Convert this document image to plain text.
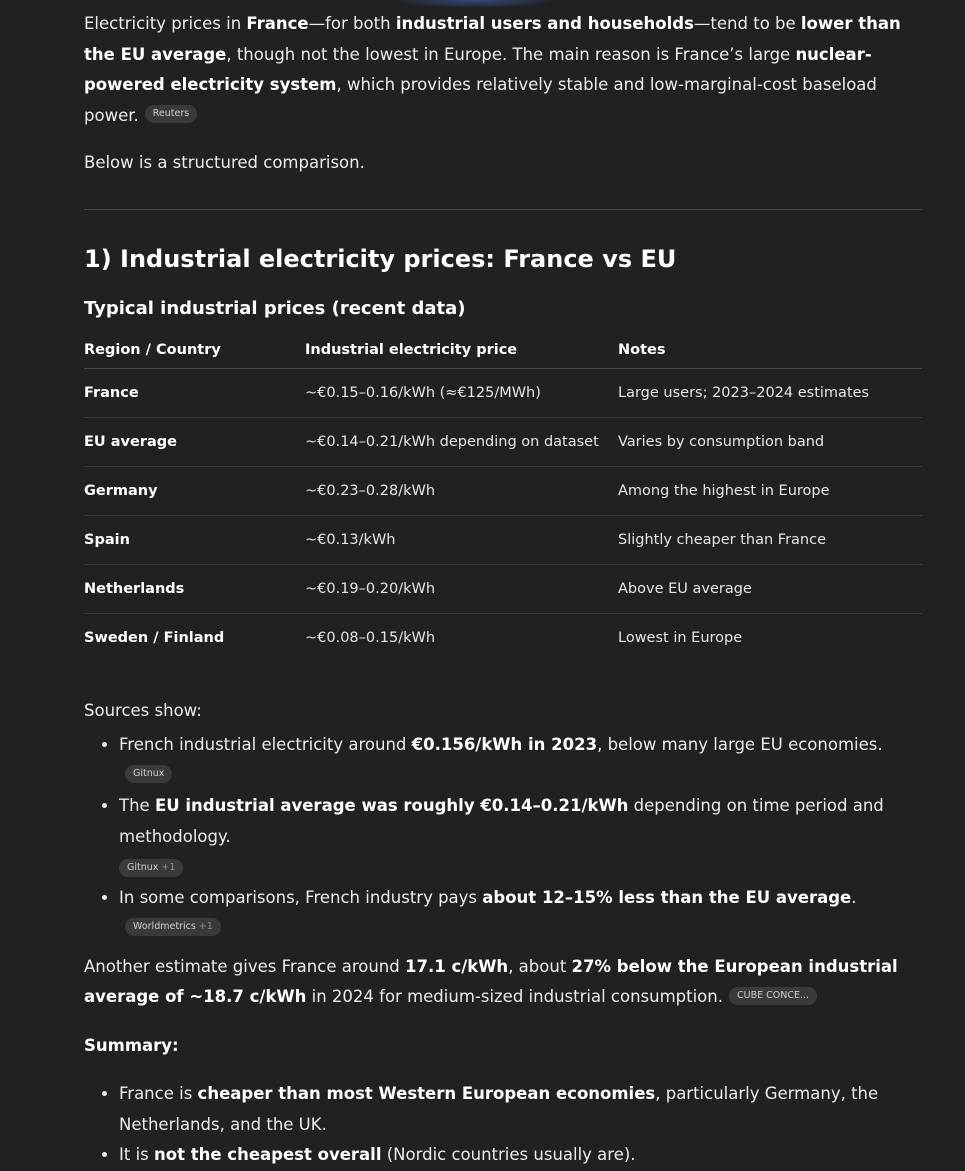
Electricity prices in France—for both industrial users and households—tend to be lower than the EU average, though not the lowest in Europe. The main reason is France’s large nuclear-powered electricity system, which provides relatively stable and low-marginal-cost baseload power. Reuters

Below is a structured comparison.

1) Industrial electricity prices: France vs EU
Typical industrial prices (recent data)
Region / Country	Industrial electricity price	Notes
France	~€0.15–0.16/kWh (≈€125/MWh)	Large users; 2023–2024 estimates
EU average	~€0.14–0.21/kWh depending on dataset	Varies by consumption band
Germany	~€0.23–0.28/kWh	Among the highest in Europe
Spain	~€0.13/kWh	Slightly cheaper than France
Netherlands	~€0.19–0.20/kWh	Above EU average
Sweden / Finland	~€0.08–0.15/kWh	Lowest in Europe

Sources show:

• French industrial electricity around €0.156/kWh in 2023, below many large EU economies.Gitnux
• The EU industrial average was roughly €0.14–0.21/kWh depending on time period and methodology.
Gitnux +1
• In some comparisons, French industry pays about 12–15% less than the EU average.Worldmetrics +1

Another estimate gives France around 17.1 c/kWh, about 27% below the European industrial average of ~18.7 c/kWh in 2024 for medium-sized industrial consumption. CUBE CONCE...

Summary:

• France is cheaper than most Western European economies, particularly Germany, the Netherlands, and the UK.
• It is not the cheapest overall (Nordic countries usually are).
